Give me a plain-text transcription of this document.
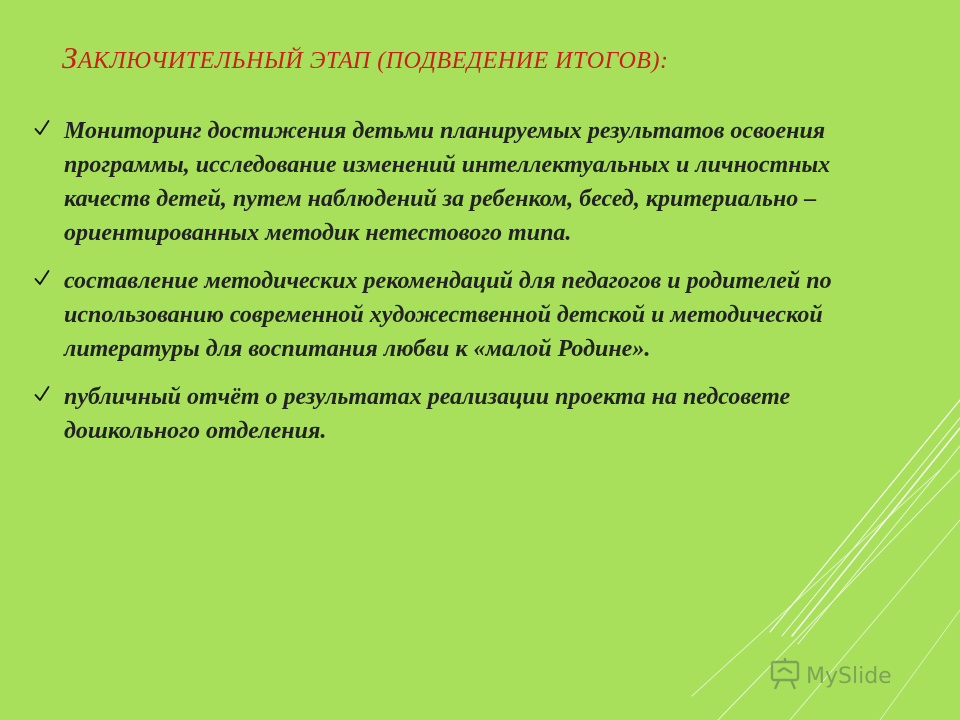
ЗАКЛЮЧИТЕЛЬНЫЙ ЭТАП (ПОДВЕДЕНИЕ ИТОГОВ):
Мониторинг достижения детьми планируемых результатов освоения программы, исследование изменений интеллектуальных и личностных качеств детей, путем наблюдений за ребенком, бесед, критериально – ориентированных методик нетестового типа.
составление методических рекомендаций для педагогов и родителей по использованию современной художественной детской и методической литературы для воспитания любви к «малой Родине».
публичный отчёт о результатах реализации проекта на педсовете дошкольного отделения.
MySlide
